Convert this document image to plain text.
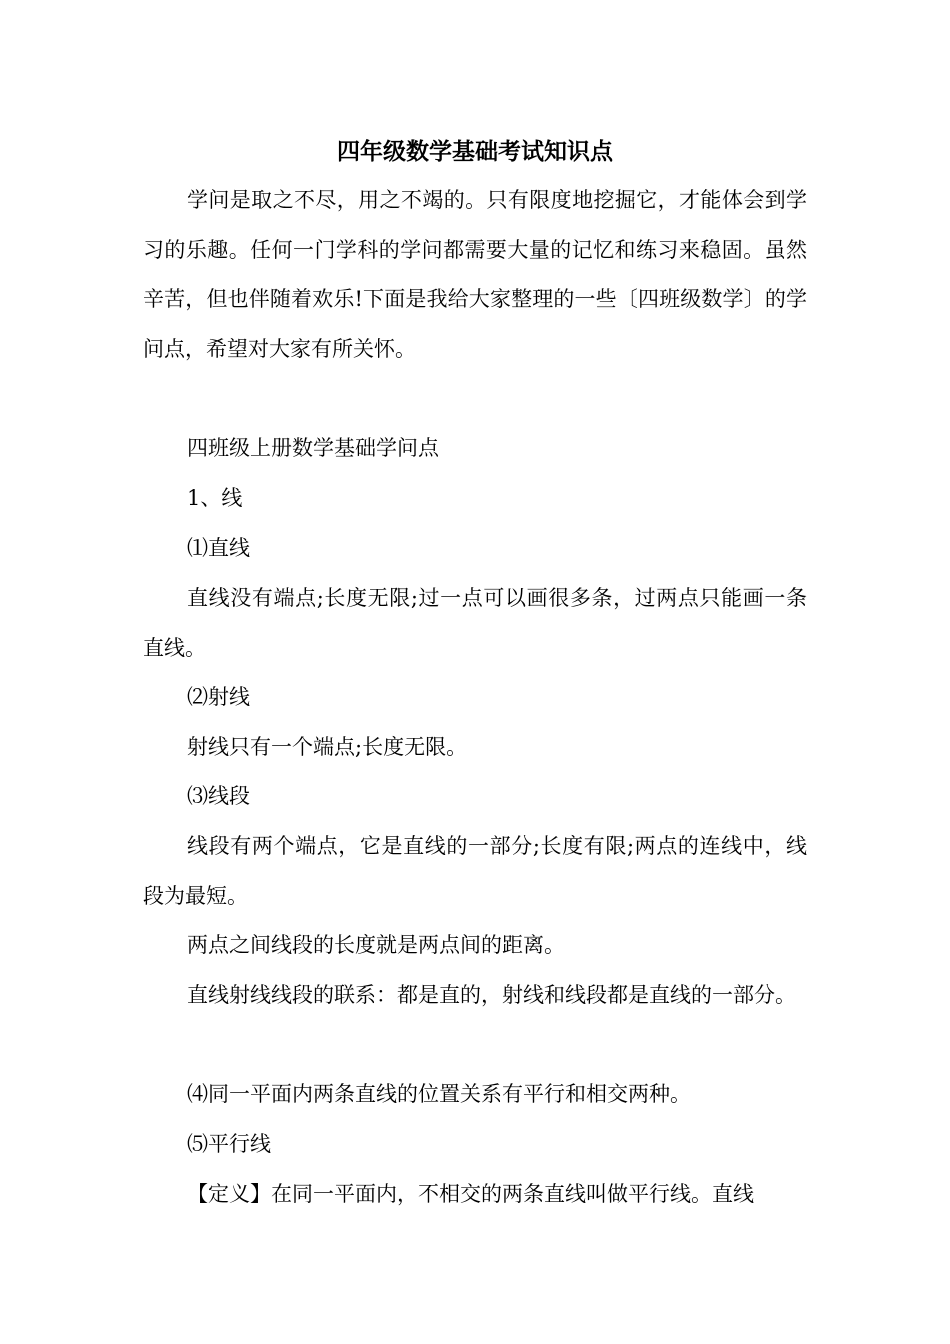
四年级数学基础考试知识点

学问是取之不尽，用之不竭的。只有限度地挖掘它，才能体会到学习的乐趣。任何一门学科的学问都需要大量的记忆和练习来稳固。虽然辛苦，但也伴随着欢乐!下面是我给大家整理的一些〔四班级数学〕的学问点，希望对大家有所关怀。

四班级上册数学基础学问点
1、线
⑴直线

直线没有端点;长度无限;过一点可以画很多条，过两点只能画一条直线。

⑵射线
射线只有一个端点;长度无限。
⑶线段

线段有两个端点，它是直线的一部分;长度有限;两点的连线中，线段为最短。

两点之间线段的长度就是两点间的距离。

直线射线线段的联系：都是直的，射线和线段都是直线的一部分。

⑷同一平面内两条直线的位置关系有平行和相交两种。
⑸平行线

【定义】在同一平面内，不相交的两条直线叫做平行线。直线
